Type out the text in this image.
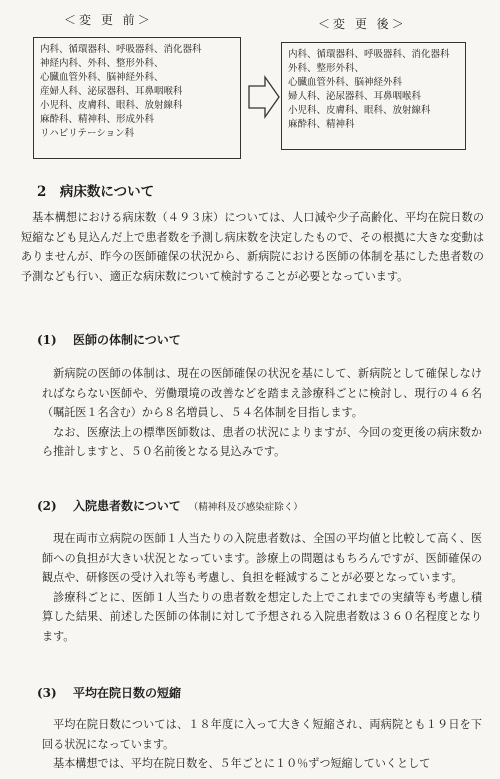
＜変 更 前＞	＜変 更 後＞
内科、循環器科、呼吸器科、消化器科
神経内科、外科、整形外科、
心臓血管外科、脳神経外科、
産婦人科、泌尿器科、耳鼻咽喉科
小児科、皮膚科、眼科、放射線科
麻酔科、精神科、形成外科
リハビリテーション科
内科、循環器科、呼吸器科、消化器科
外科、整形外科、
心臓血管外科、脳神経外科
婦人科、泌尿器科、耳鼻咽喉科
小児科、皮膚科、眼科、放射線科
麻酔科、精神科
2　病床数について

基本構想における病床数（４９３床）については、人口減や少子高齢化、平均在院日数の短縮なども見込んだ上で患者数を予測し病床数を決定したもので、その根拠に大きな変動はありませんが、昨今の医師確保の状況から、新病院における医師の体制を基にした患者数の予測なども行い、適正な病床数について検討することが必要となっています。

(1) 医師の体制について

新病院の医師の体制は、現在の医師確保の状況を基にして、新病院として確保しなければならない医師や、労働環境の改善などを踏まえ診療科ごとに検討し、現行の４６名（嘱託医１名含む）から８名増員し、５４名体制を目指します。

なお、医療法上の標準医師数は、患者の状況によりますが、今回の変更後の病床数から推計しますと、５０名前後となる見込みです。

(2) 入院患者数について （精神科及び感染症除く）

現在両市立病院の医師１人当たりの入院患者数は、全国の平均値と比較して高く、医師への負担が大きい状況となっています。診療上の問題はもちろんですが、医師確保の観点や、研修医の受け入れ等も考慮し、負担を軽減することが必要となっています。

診療科ごとに、医師１人当たりの患者数を想定した上でこれまでの実績等も考慮し積算した結果、前述した医師の体制に対して予想される入院患者数は３６０名程度となります。

(3) 平均在院日数の短縮

平均在院日数については、１８年度に入って大きく短縮され、両病院とも１９日を下回る状況になっています。

基本構想では、平均在院日数を、５年ごとに１０％ずつ短縮していくとして
